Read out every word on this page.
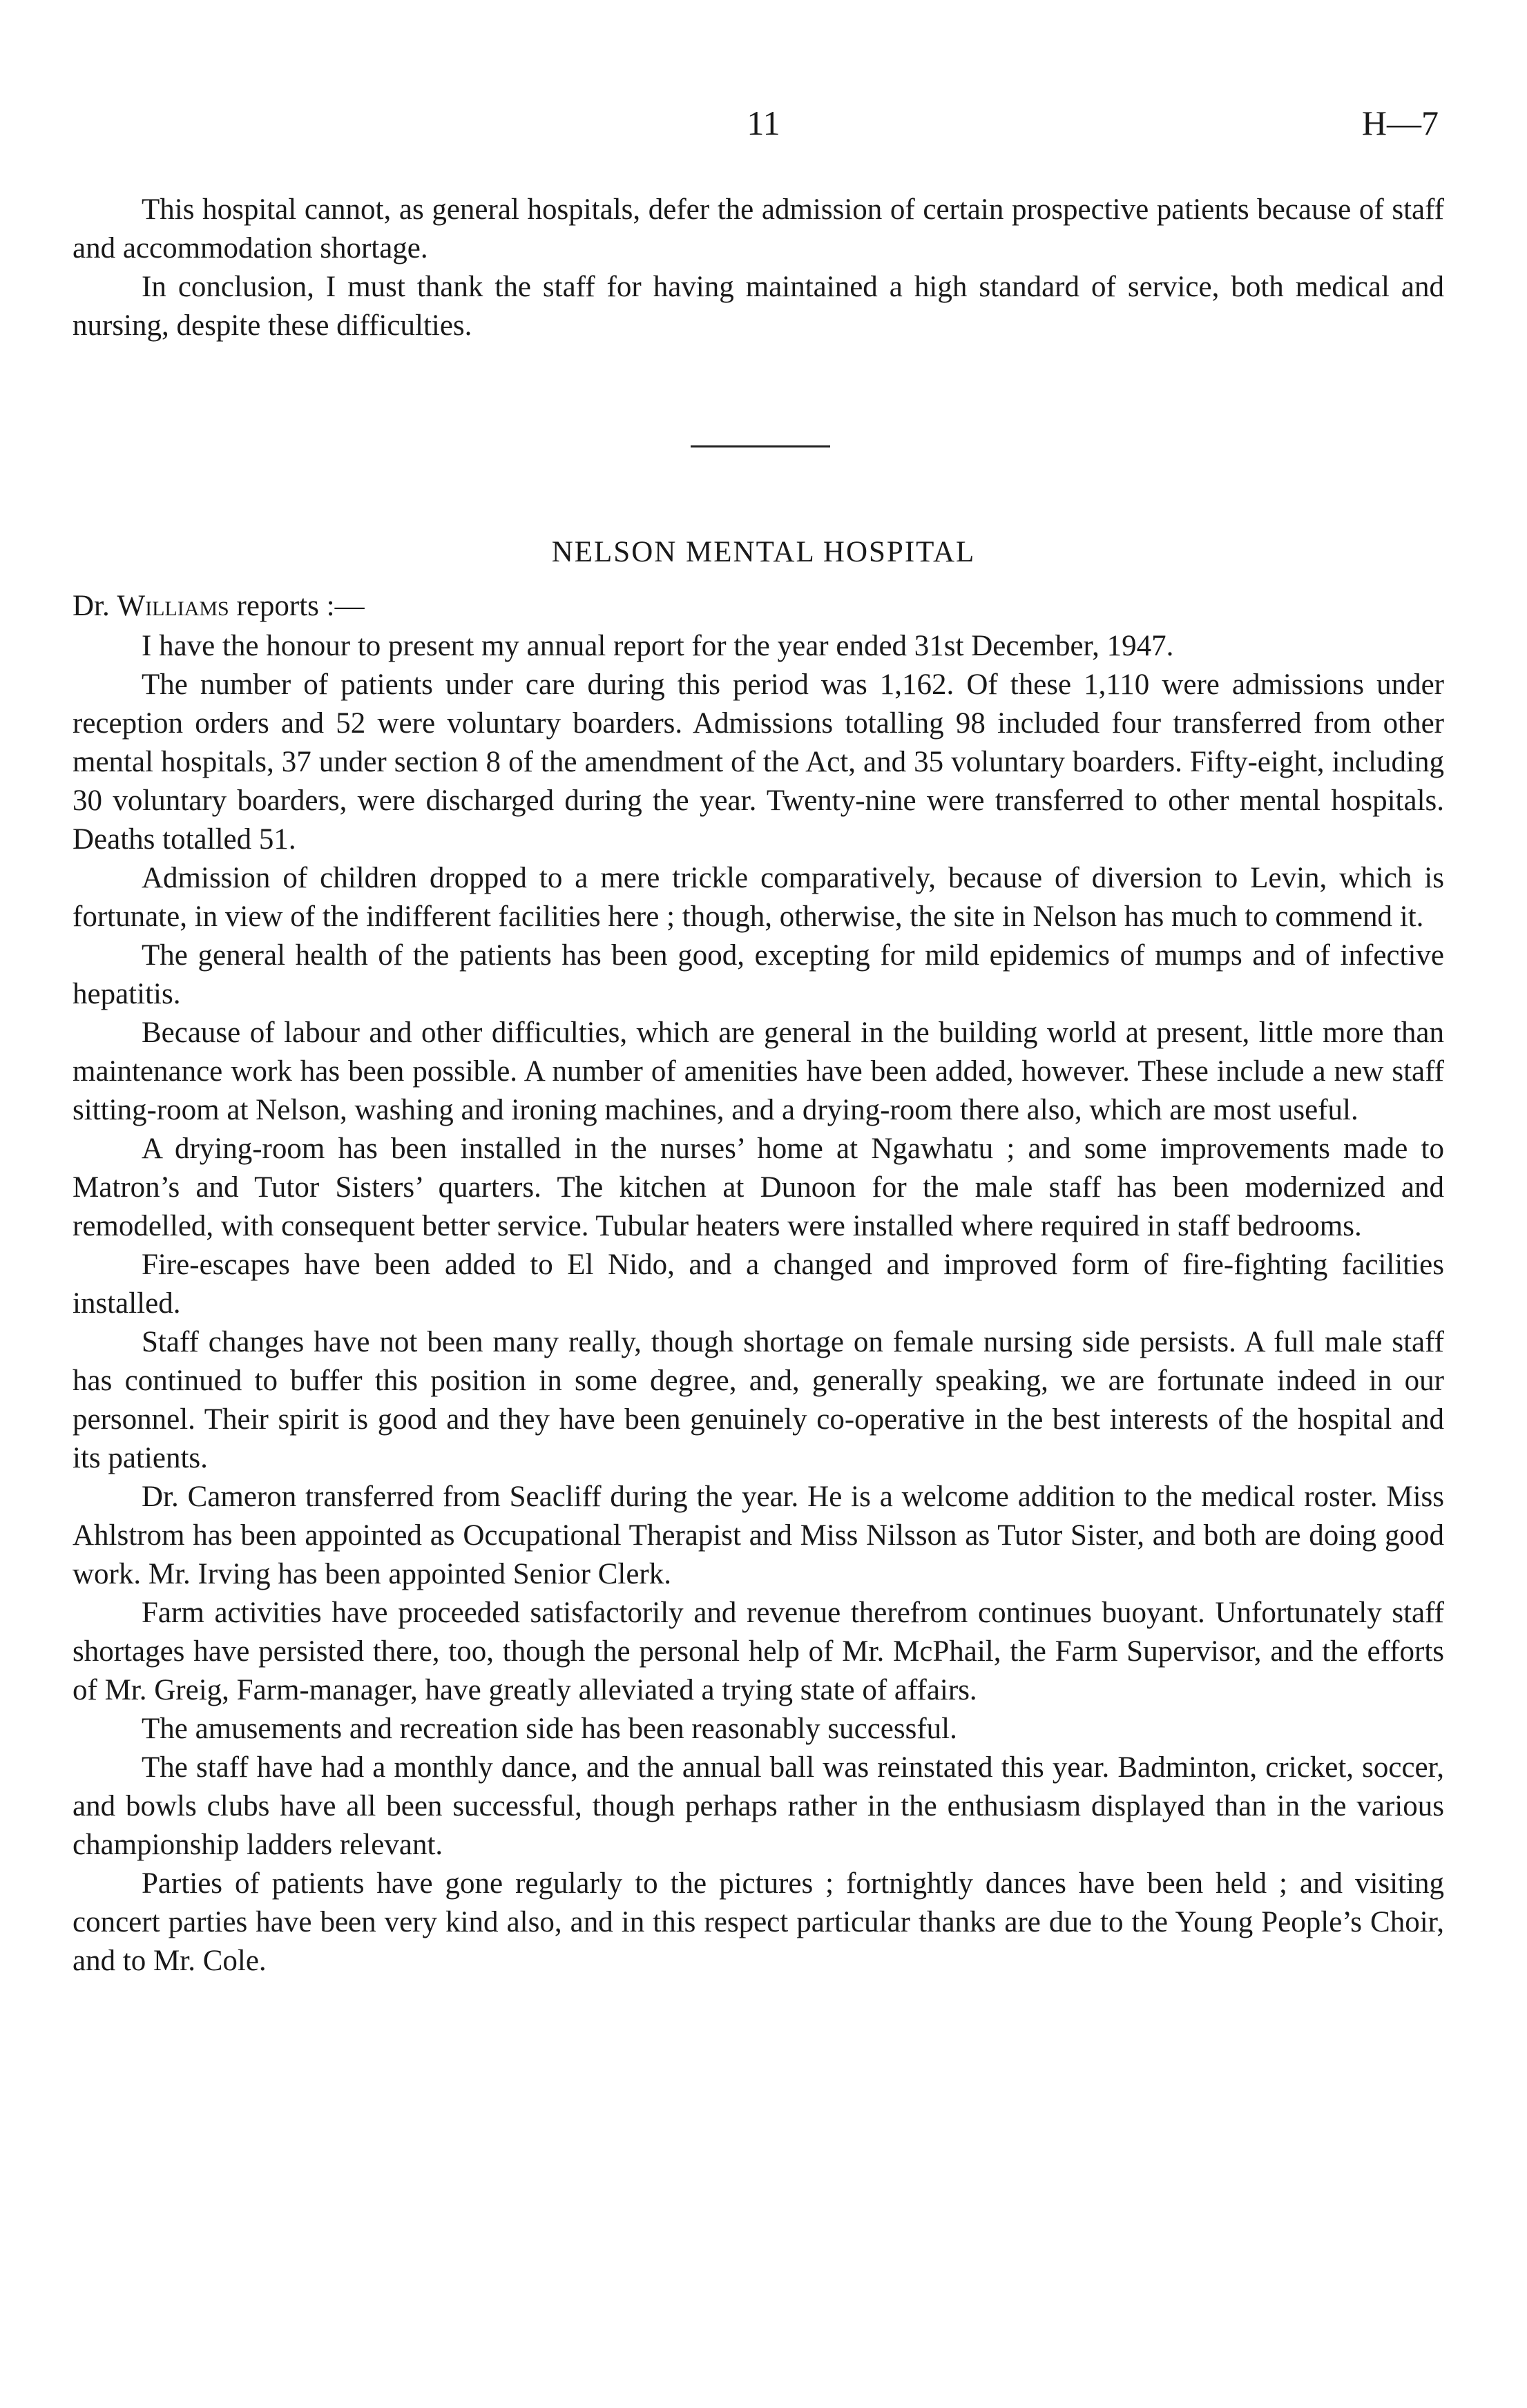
11	H—7

This hospital cannot, as general hospitals, defer the admission of certain prospective patients because of staff and accommodation shortage.

In conclusion, I must thank the staff for having maintained a high standard of service, both medical and nursing, despite these difficulties.

NELSON MENTAL HOSPITAL
Dr. Williams reports :—

I have the honour to present my annual report for the year ended 31st December, 1947.

The number of patients under care during this period was 1,162. Of these 1,110 were admissions under reception orders and 52 were voluntary boarders. Admissions totalling 98 included four transferred from other mental hospitals, 37 under section 8 of the amendment of the Act, and 35 voluntary boarders. Fifty-eight, including 30 voluntary boarders, were discharged during the year. Twenty-nine were transferred to other mental hospitals. Deaths totalled 51.

Admission of children dropped to a mere trickle comparatively, because of diversion to Levin, which is fortunate, in view of the indifferent facilities here ; though, otherwise, the site in Nelson has much to commend it.

The general health of the patients has been good, excepting for mild epidemics of mumps and of infective hepatitis.

Because of labour and other difficulties, which are general in the building world at present, little more than maintenance work has been possible. A number of amenities have been added, however. These include a new staff sitting-room at Nelson, washing and ironing machines, and a drying-room there also, which are most useful.

A drying-room has been installed in the nurses’ home at Ngawhatu ; and some improvements made to Matron’s and Tutor Sisters’ quarters. The kitchen at Dunoon for the male staff has been modernized and remodelled, with consequent better service. Tubular heaters were installed where required in staff bedrooms.

Fire-escapes have been added to El Nido, and a changed and improved form of fire-fighting facilities installed.

Staff changes have not been many really, though shortage on female nursing side persists. A full male staff has continued to buffer this position in some degree, and, generally speaking, we are fortunate indeed in our personnel. Their spirit is good and they have been genuinely co-operative in the best interests of the hospital and its patients.

Dr. Cameron transferred from Seacliff during the year. He is a welcome addition to the medical roster. Miss Ahlstrom has been appointed as Occupational Therapist and Miss Nilsson as Tutor Sister, and both are doing good work. Mr. Irving has been appointed Senior Clerk.

Farm activities have proceeded satisfactorily and revenue therefrom continues buoyant. Unfortunately staff shortages have persisted there, too, though the personal help of Mr. McPhail, the Farm Supervisor, and the efforts of Mr. Greig, Farm-manager, have greatly alleviated a trying state of affairs.

The amusements and recreation side has been reasonably successful.

The staff have had a monthly dance, and the annual ball was reinstated this year. Badminton, cricket, soccer, and bowls clubs have all been successful, though perhaps rather in the enthusiasm displayed than in the various championship ladders relevant.

Parties of patients have gone regularly to the pictures ; fortnightly dances have been held ; and visiting concert parties have been very kind also, and in this respect particular thanks are due to the Young People’s Choir, and to Mr. Cole.
